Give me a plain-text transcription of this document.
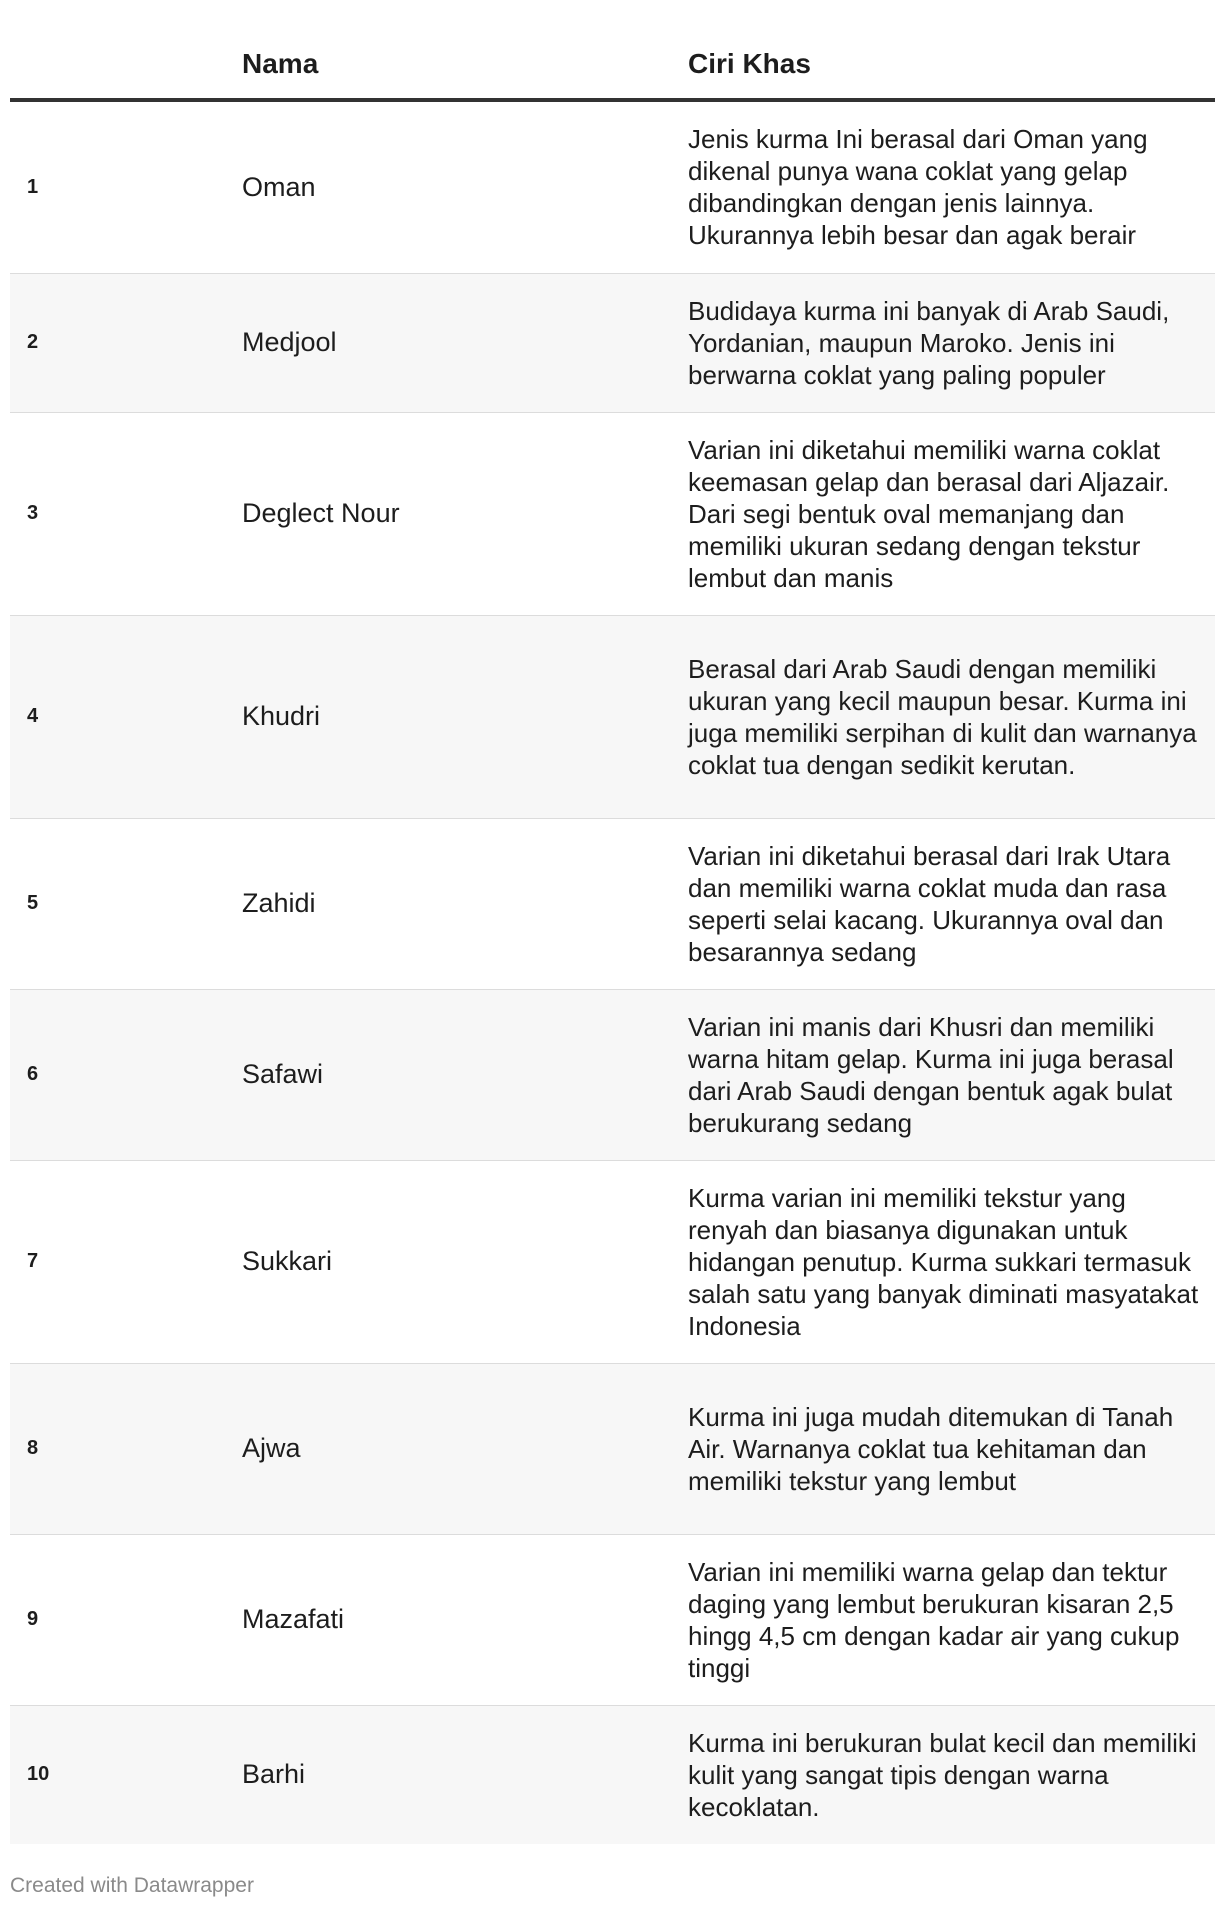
	Nama	Ciri Khas
1	Oman	Jenis kurma Ini berasal dari Oman yang dikenal punya wana coklat yang gelap dibandingkan dengan jenis lainnya. Ukurannya lebih besar dan agak berair
2	Medjool	Budidaya kurma ini banyak di Arab Saudi, Yordanian, maupun Maroko. Jenis ini berwarna coklat yang paling populer
3	Deglect Nour	Varian ini diketahui memiliki warna coklat keemasan gelap dan berasal dari Aljazair. Dari segi bentuk oval memanjang dan memiliki ukuran sedang dengan tekstur lembut dan manis
4	Khudri	Berasal dari Arab Saudi dengan memiliki ukuran yang kecil maupun besar. Kurma ini juga memiliki serpihan di kulit dan warnanya coklat tua dengan sedikit kerutan.
5	Zahidi	Varian ini diketahui berasal dari Irak Utara dan memiliki warna coklat muda dan rasa seperti selai kacang. Ukurannya oval dan besarannya sedang
6	Safawi	Varian ini manis dari Khusri dan memiliki warna hitam gelap. Kurma ini juga berasal dari Arab Saudi dengan bentuk agak bulat berukurang sedang
7	Sukkari	Kurma varian ini memiliki tekstur yang renyah dan biasanya digunakan untuk hidangan penutup. Kurma sukkari termasuk salah satu yang banyak diminati masyatakat Indonesia
8	Ajwa	Kurma ini juga mudah ditemukan di Tanah Air. Warnanya coklat tua kehitaman dan memiliki tekstur yang lembut
9	Mazafati	Varian ini memiliki warna gelap dan tektur daging yang lembut berukuran kisaran 2,5 hingg 4,5 cm dengan kadar air yang cukup tinggi
10	Barhi	Kurma ini berukuran bulat kecil dan memiliki kulit yang sangat tipis dengan warna kecoklatan.
Created with Datawrapper
